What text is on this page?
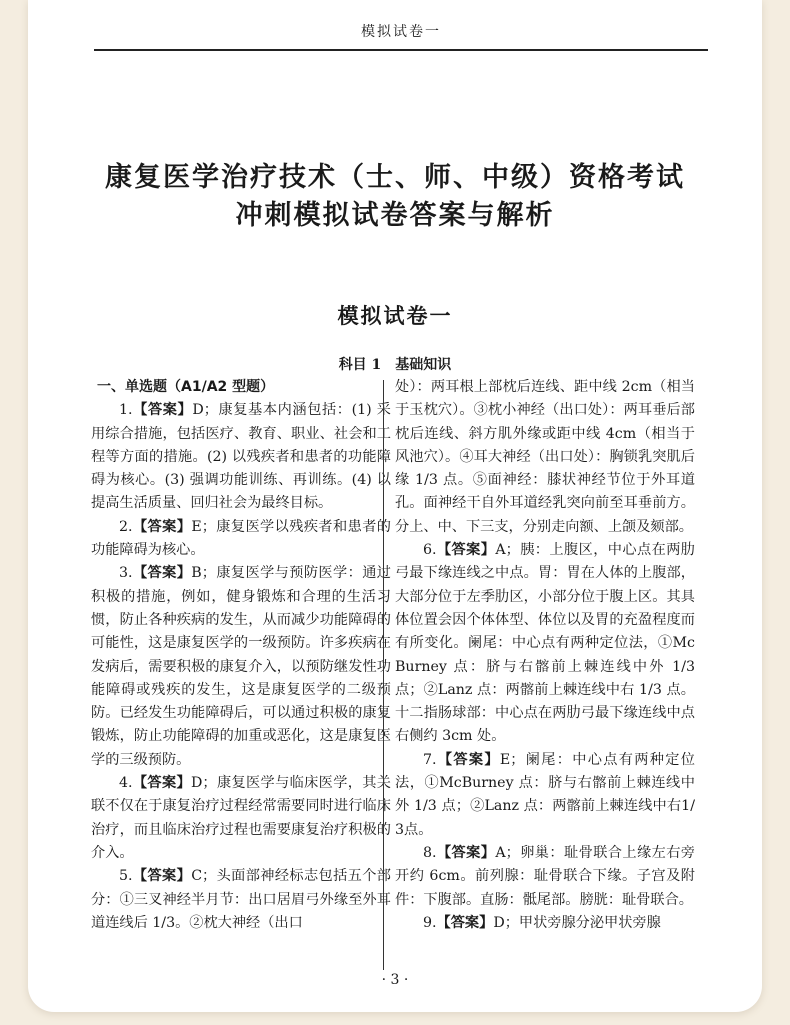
模拟试卷一
康复医学治疗技术（士、师、中级）资格考试
冲刺模拟试卷答案与解析
模拟试卷一
科目 1　基础知识

一、单选题（A1/A2 型题）

1.【答案】D；康复基本内涵包括：(1) 采用综合措施，包括医疗、教育、职业、社会和工程等方面的措施。(2) 以残疾者和患者的功能障碍为核心。(3) 强调功能训练、再训练。(4) 以提高生活质量、回归社会为最终目标。

2.【答案】E；康复医学以残疾者和患者的功能障碍为核心。

3.【答案】B；康复医学与预防医学：通过积极的措施，例如，健身锻炼和合理的生活习惯，防止各种疾病的发生，从而减少功能障碍的可能性，这是康复医学的一级预防。许多疾病在发病后，需要积极的康复介入，以预防继发性功能障碍或残疾的发生，这是康复医学的二级预防。已经发生功能障碍后，可以通过积极的康复锻炼，防止功能障碍的加重或恶化，这是康复医学的三级预防。

4.【答案】D；康复医学与临床医学，其关联不仅在于康复治疗过程经常需要同时进行临床治疗，而且临床治疗过程也需要康复治疗积极的介入。

5.【答案】C；头面部神经标志包括五个部分：①三叉神经半月节：出口居眉弓外缘至外耳道连线后 1/3。②枕大神经（出口

处）：两耳根上部枕后连线、距中线 2cm（相当于玉枕穴）。③枕小神经（出口处）：两耳垂后部枕后连线、斜方肌外缘或距中线 4cm（相当于风池穴）。④耳大神经（出口处）：胸锁乳突肌后缘 1/3 点。⑤面神经：膝状神经节位于外耳道孔。面神经干自外耳道经乳突向前至耳垂前方。分上、中、下三支，分别走向额、上颌及颏部。

6.【答案】A；胰：上腹区，中心点在两肋弓最下缘连线之中点。胃：胃在人体的上腹部，大部分位于左季肋区，小部分位于腹上区。其具体位置会因个体体型、体位以及胃的充盈程度而有所变化。阑尾：中心点有两种定位法，①McBurney 点：脐与右髂前上棘连线中外 1/3 点；②Lanz 点：两髂前上棘连线中右 1/3 点。十二指肠球部：中心点在两肋弓最下缘连线中点右侧约 3cm 处。

7.【答案】E；阑尾：中心点有两种定位法，①McBurney 点：脐与右髂前上棘连线中外 1/3 点；②Lanz 点：两髂前上棘连线中右1/3点。

8.【答案】A；卵巢：耻骨联合上缘左右旁开约 6cm。前列腺：耻骨联合下缘。子宫及附件：下腹部。直肠：骶尾部。膀胱：耻骨联合。

9.【答案】D；甲状旁腺分泌甲状旁腺

· 3 ·
